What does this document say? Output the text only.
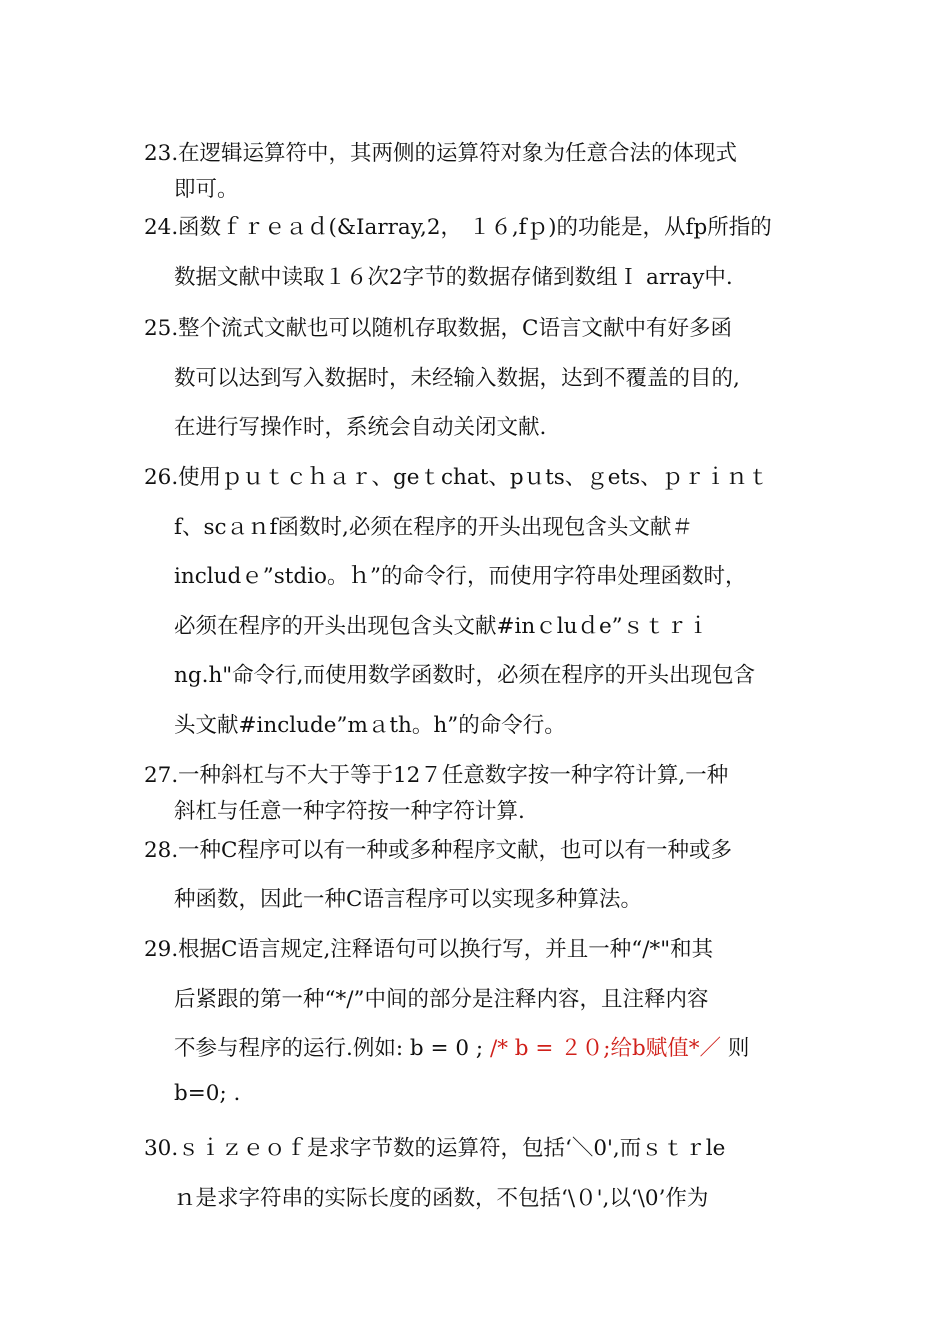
23.在逻辑运算符中，其两侧的运算符对象为任意合法的体现式
即可。
24.函数ｆｒｅａｄ(&Iarray,2， １６,fｐ)的功能是，从fp所指的
数据文献中读取１６次2字节的数据存储到数组Ｉ array中.
25.整个流式文献也可以随机存取数据，C语言文献中有好多函
数可以达到写入数据时，未经输入数据，达到不覆盖的目的,
在进行写操作时，系统会自动关闭文献.
26.使用ｐｕｔｃｈａｒ、geｔchat、pｕts、ｇets、ｐｒｉｎｔ
f、scａｎf函数时,必须在程序的开头出现包含头文献＃
includｅ”stdio。ｈ”的命令行，而使用字符串处理函数时，
必须在程序的开头出现包含头文献#inｃluｄe”ｓｔｒｉ
ng.h"命令行,而使用数学函数时，必须在程序的开头出现包含
头文献#include”mａth。h”的命令行。
27.一种斜杠与不大于等于12７任意数字按一种字符计算,一种
斜杠与任意一种字符按一种字符计算.
28.一种C程序可以有一种或多种程序文献，也可以有一种或多
种函数，因此一种C语言程序可以实现多种算法。
29.根据C语言规定,注释语句可以换行写，并且一种“/*"和其
后紧跟的第一种“*/”中间的部分是注释内容，且注释内容
不参与程序的运行.例如: b = 0 ; /* b = ２０;给b赋值*／ 则
b=0; .
30.ｓｉｚｅｏｆ是求字节数的运算符，包括‘＼0',而ｓｔｒle
ｎ是求字符串的实际长度的函数，不包括‘\０',以‘\0’作为
